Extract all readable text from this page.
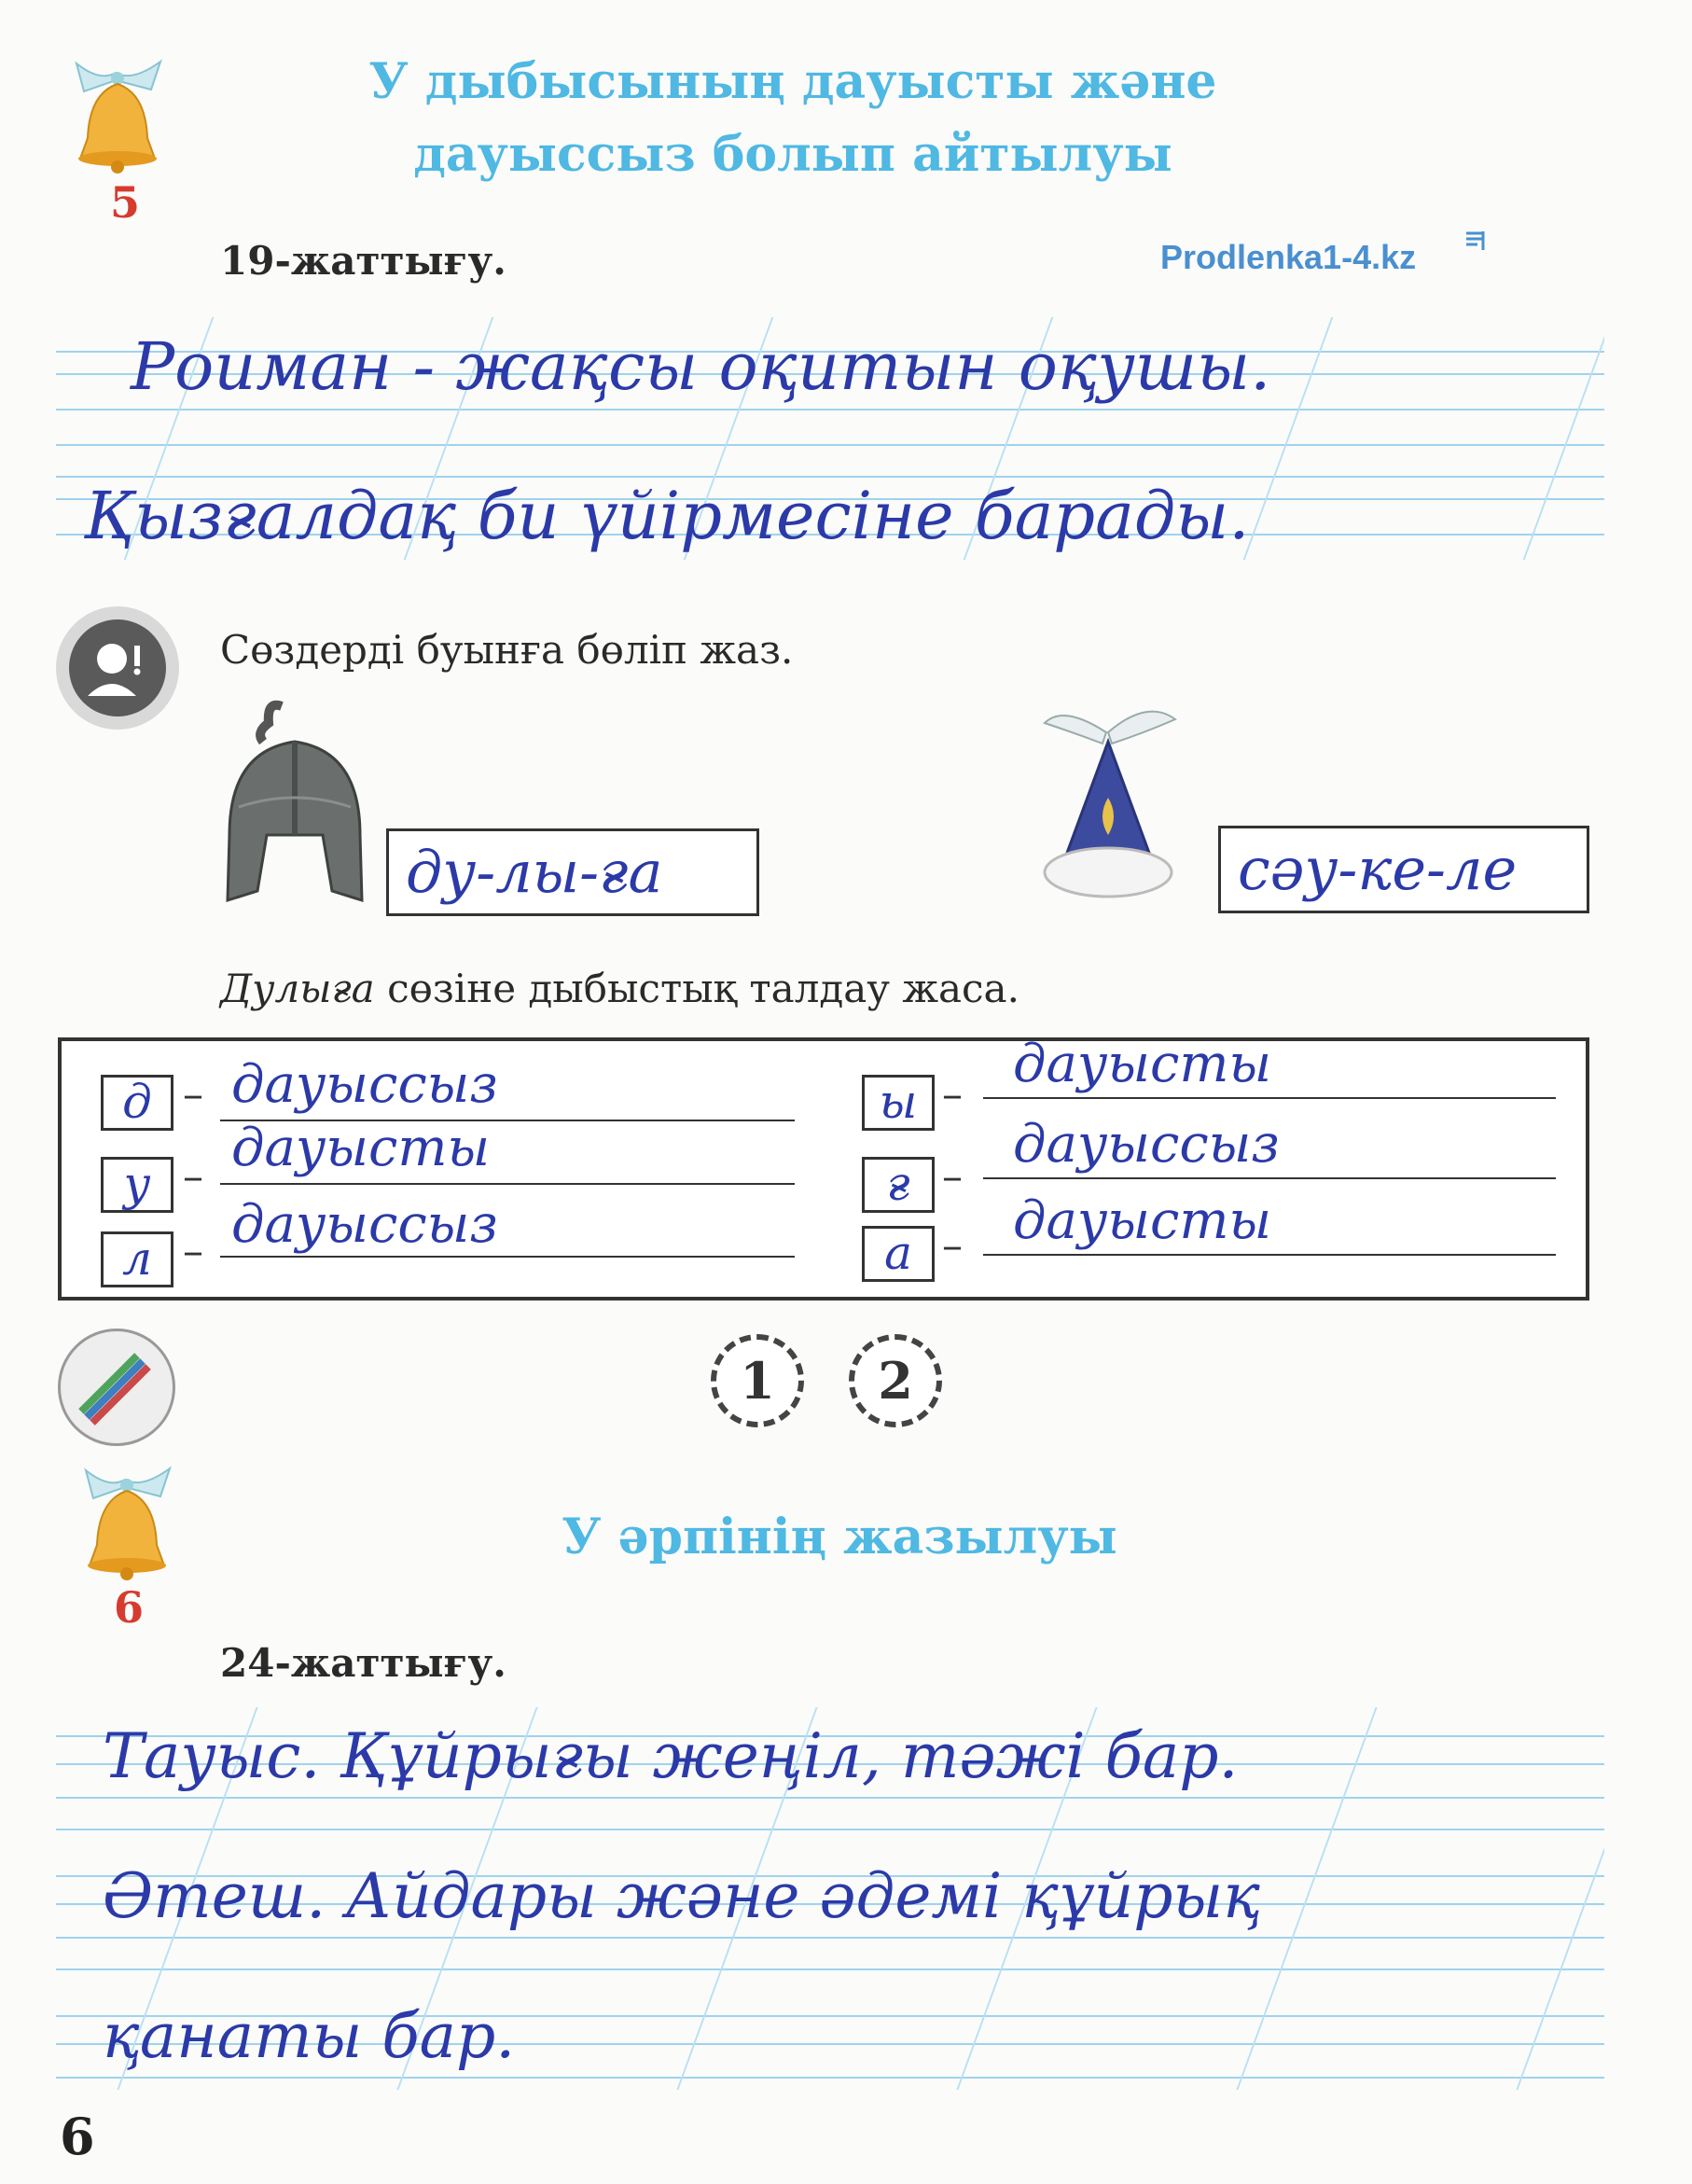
5
У дыбысының дауысты және
дауыссыз болып айтылуы
19-жаттығу.	Prodlenka1-4.kz
Роuман - жақсы оқитын оқушы.
Қызғалдақ би үйірмесіне барады.
Сөздерді буынға бөліп жаз.
ду-лы-ға	сәу-ке-ле
Дулыға сөзіне дыбыстық талдау жаса.
д – дауыссыз
у – дауысты
л – дауыссыз
ы –
дауысты
ғ –
дауыссыз
а – дауысты
1	2
6
У әрпінің жазылуы
24-жаттығу.
Тауыс. Құйрығы жеңіл, тәжі бар.
Әтеш. Айдары және әдемі құйрық
қанаты бар.
6
